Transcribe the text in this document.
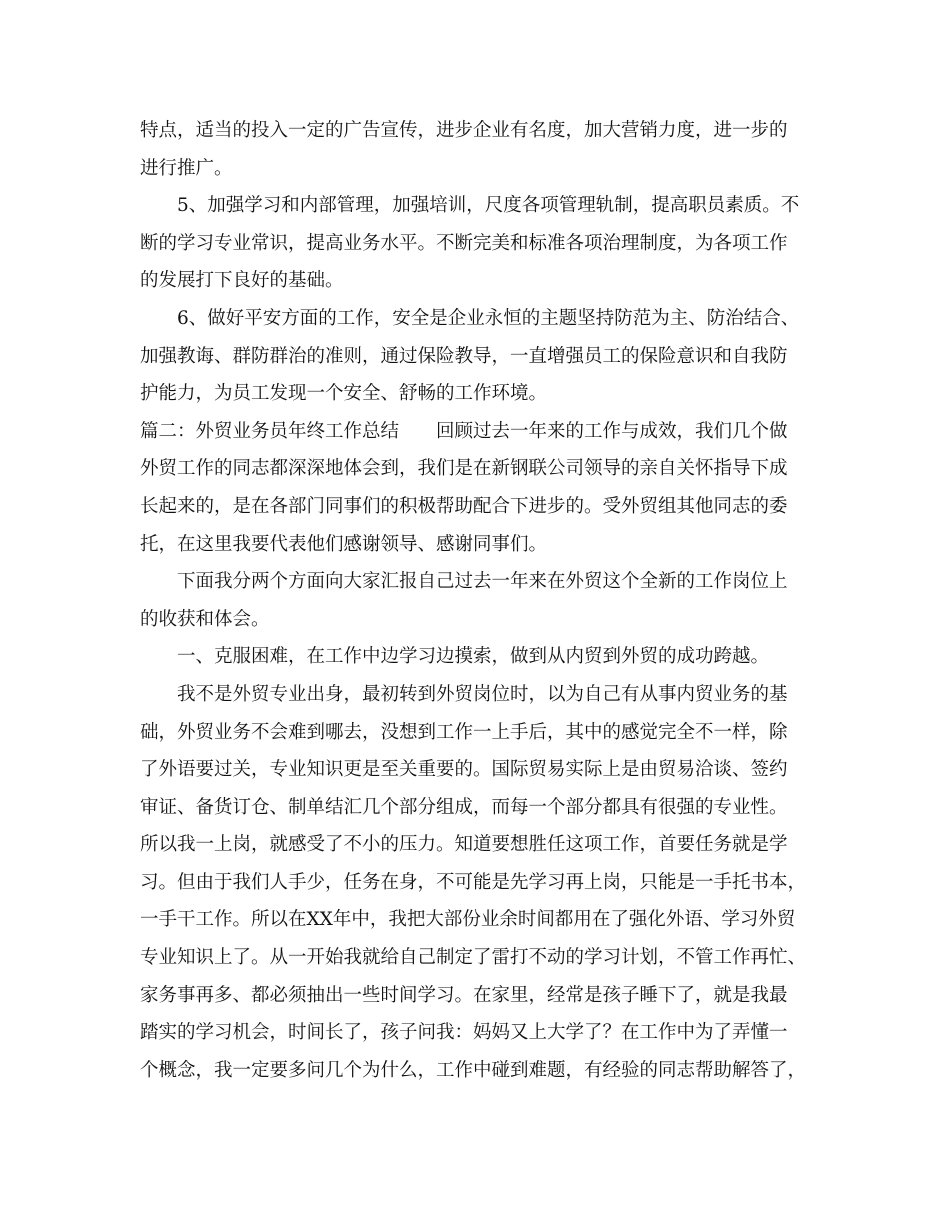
特点，适当的投入一定的广告宣传，进步企业有名度，加大营销力度，进一步的
进行推广。
　　5、加强学习和内部管理，加强培训，尺度各项管理轨制，提高职员素质。不
断的学习专业常识，提高业务水平。不断完美和标准各项治理制度，为各项工作
的发展打下良好的基础。
　　6、做好平安方面的工作，安全是企业永恒的主题坚持防范为主、防治结合、
加强教诲、群防群治的准则，通过保险教导，一直增强员工的保险意识和自我防
护能力，为员工发现一个安全、舒畅的工作环境。
篇二：外贸业务员年终工作总结　　回顾过去一年来的工作与成效，我们几个做
外贸工作的同志都深深地体会到，我们是在新钢联公司领导的亲自关怀指导下成
长起来的，是在各部门同事们的积极帮助配合下进步的。受外贸组其他同志的委
托，在这里我要代表他们感谢领导、感谢同事们。
　　下面我分两个方面向大家汇报自己过去一年来在外贸这个全新的工作岗位上
的收获和体会。
　　一、克服困难，在工作中边学习边摸索，做到从内贸到外贸的成功跨越。
　　我不是外贸专业出身，最初转到外贸岗位时，以为自己有从事内贸业务的基
础，外贸业务不会难到哪去，没想到工作一上手后，其中的感觉完全不一样，除
了外语要过关，专业知识更是至关重要的。国际贸易实际上是由贸易洽谈、签约
审证、备货订仓、制单结汇几个部分组成，而每一个部分都具有很强的专业性。
所以我一上岗，就感受了不小的压力。知道要想胜任这项工作，首要任务就是学
习。但由于我们人手少，任务在身，不可能是先学习再上岗，只能是一手托书本，
一手干工作。所以在XX年中，我把大部份业余时间都用在了强化外语、学习外贸
专业知识上了。从一开始我就给自己制定了雷打不动的学习计划，不管工作再忙、
家务事再多、都必须抽出一些时间学习。在家里，经常是孩子睡下了，就是我最
踏实的学习机会，时间长了，孩子问我：妈妈又上大学了？在工作中为了弄懂一
个概念，我一定要多问几个为什么，工作中碰到难题，有经验的同志帮助解答了，
